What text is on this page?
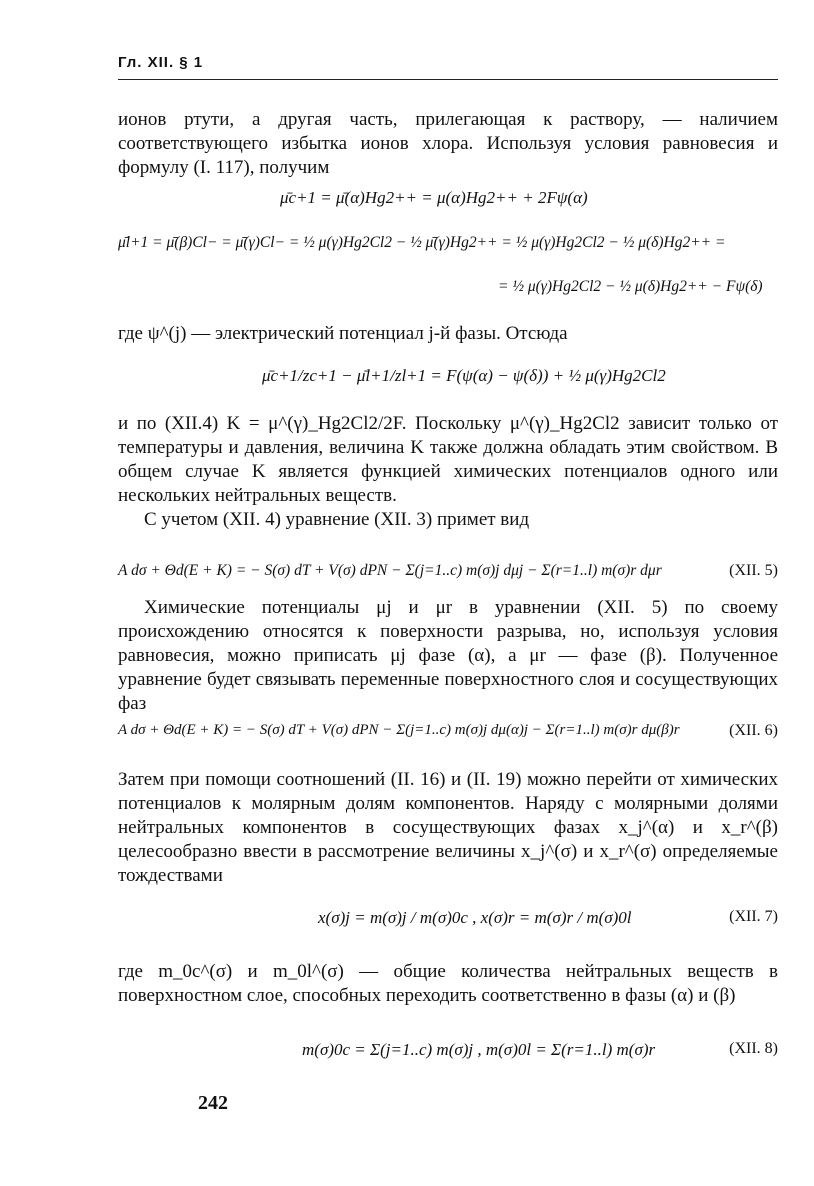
Гл. XII. § 1

ионов ртути, а другая часть, прилегающая к раствору, — наличием соответствующего избытка ионов хлора. Используя условия равновесия и формулу (I. 117), получим

μ̄c+1 = μ̄(α)Hg2++ = μ(α)Hg2++ + 2Fψ(α)
μ̄l+1 = μ̄(β)Cl− = μ̄(γ)Cl− = ½ μ(γ)Hg2Cl2 − ½ μ̄(γ)Hg2++ = ½ μ(γ)Hg2Cl2 − ½ μ(δ)Hg2++ =
= ½ μ(γ)Hg2Cl2 − ½ μ(δ)Hg2++ − Fψ(δ)

где ψ^(j) — электрический потенциал j-й фазы. Отсюда

μ̄c+1/zc+1 − μ̄l+1/zl+1 = F(ψ(α) − ψ(δ)) + ½ μ(γ)Hg2Cl2

и по (XII.4) K = μ^(γ)_Hg2Cl2/2F. Поскольку μ^(γ)_Hg2Cl2 зависит только от температуры и давления, величина K также должна обладать этим свойством. В общем случае K является функцией химических потенциалов одного или нескольких нейтральных веществ.

С учетом (XII. 4) уравнение (XII. 3) примет вид

A dσ + Θd(E + K) = − S(σ) dT + V(σ) dPN − Σ(j=1..c) m(σ)j dμj − Σ(r=1..l) m(σ)r dμr	(XII. 5)

Химические потенциалы μj и μr в уравнении (XII. 5) по своему происхождению относятся к поверхности разрыва, но, используя условия равновесия, можно приписать μj фазе (α), а μr — фазе (β). Полученное уравнение будет связывать переменные поверхностного слоя и сосуществующих фаз

A dσ + Θd(E + K) = − S(σ) dT + V(σ) dPN − Σ(j=1..c) m(σ)j dμ(α)j − Σ(r=1..l) m(σ)r dμ(β)r	(XII. 6)

Затем при помощи соотношений (II. 16) и (II. 19) можно перейти от химических потенциалов к молярным долям компонентов. Наряду с молярными долями нейтральных компонентов в сосуществующих фазах x_j^(α) и x_r^(β) целесообразно ввести в рассмотрение величины x_j^(σ) и x_r^(σ) определяемые тождествами

x(σ)j = m(σ)j / m(σ)0c , x(σ)r = m(σ)r / m(σ)0l	(XII. 7)

где m_0c^(σ) и m_0l^(σ) — общие количества нейтральных веществ в поверхностном слое, способных переходить соответственно в фазы (α) и (β)

m(σ)0c = Σ(j=1..c) m(σ)j , m(σ)0l = Σ(r=1..l) m(σ)r	(XII. 8)
242
